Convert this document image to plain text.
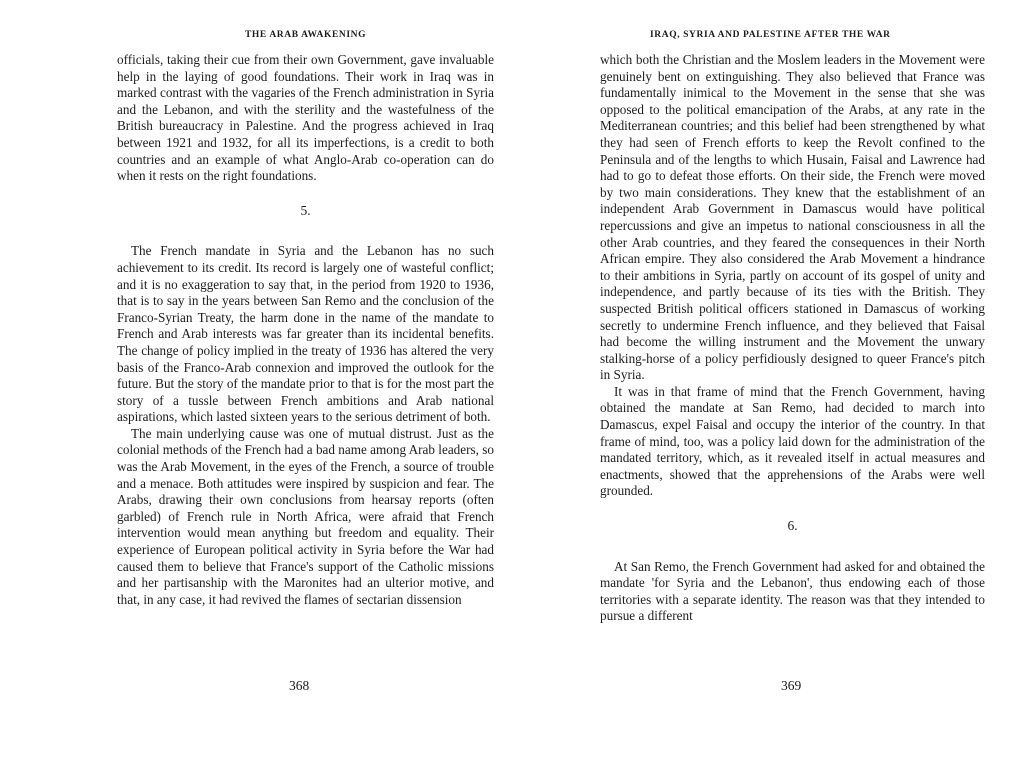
THE ARAB AWAKENING

officials, taking their cue from their own Government, gave invaluable help in the laying of good foundations. Their work in Iraq was in marked contrast with the vagaries of the French administration in Syria and the Lebanon, and with the sterility and the wastefulness of the British bureaucracy in Palestine. And the progress achieved in Iraq between 1921 and 1932, for all its imperfections, is a credit to both countries and an example of what Anglo-Arab co-operation can do when it rests on the right foundations.

5.

The French mandate in Syria and the Lebanon has no such achievement to its credit. Its record is largely one of wasteful conflict; and it is no exaggeration to say that, in the period from 1920 to 1936, that is to say in the years between San Remo and the conclusion of the Franco-Syrian Treaty, the harm done in the name of the mandate to French and Arab interests was far greater than its incidental benefits. The change of policy implied in the treaty of 1936 has altered the very basis of the Franco-Arab connexion and improved the outlook for the future. But the story of the mandate prior to that is for the most part the story of a tussle between French ambitions and Arab national aspirations, which lasted sixteen years to the serious detriment of both.

The main underlying cause was one of mutual distrust. Just as the colonial methods of the French had a bad name among Arab leaders, so was the Arab Movement, in the eyes of the French, a source of trouble and a menace. Both attitudes were inspired by suspicion and fear. The Arabs, drawing their own conclusions from hearsay reports (often garbled) of French rule in North Africa, were afraid that French intervention would mean anything but freedom and equality. Their experience of European political activity in Syria before the War had caused them to believe that France's support of the Catholic missions and her partisanship with the Maronites had an ulterior motive, and that, in any case, it had revived the flames of sectarian dissension

368
IRAQ, SYRIA AND PALESTINE AFTER THE WAR

which both the Christian and the Moslem leaders in the Movement were genuinely bent on extinguishing. They also believed that France was fundamentally inimical to the Movement in the sense that she was opposed to the political emancipation of the Arabs, at any rate in the Mediterranean countries; and this belief had been strengthened by what they had seen of French efforts to keep the Revolt confined to the Peninsula and of the lengths to which Husain, Faisal and Lawrence had had to go to defeat those efforts. On their side, the French were moved by two main considerations. They knew that the establishment of an independent Arab Government in Damascus would have political repercussions and give an impetus to national consciousness in all the other Arab countries, and they feared the consequences in their North African empire. They also considered the Arab Movement a hindrance to their ambitions in Syria, partly on account of its gospel of unity and independence, and partly because of its ties with the British. They suspected British political officers stationed in Damascus of working secretly to undermine French influence, and they believed that Faisal had become the willing instrument and the Movement the unwary stalking-horse of a policy perfidiously designed to queer France's pitch in Syria.

It was in that frame of mind that the French Government, having obtained the mandate at San Remo, had decided to march into Damascus, expel Faisal and occupy the interior of the country. In that frame of mind, too, was a policy laid down for the administration of the mandated territory, which, as it revealed itself in actual measures and enactments, showed that the apprehensions of the Arabs were well grounded.

6.

At San Remo, the French Government had asked for and obtained the mandate 'for Syria and the Lebanon', thus endowing each of those territories with a separate identity. The reason was that they intended to pursue a different

369
